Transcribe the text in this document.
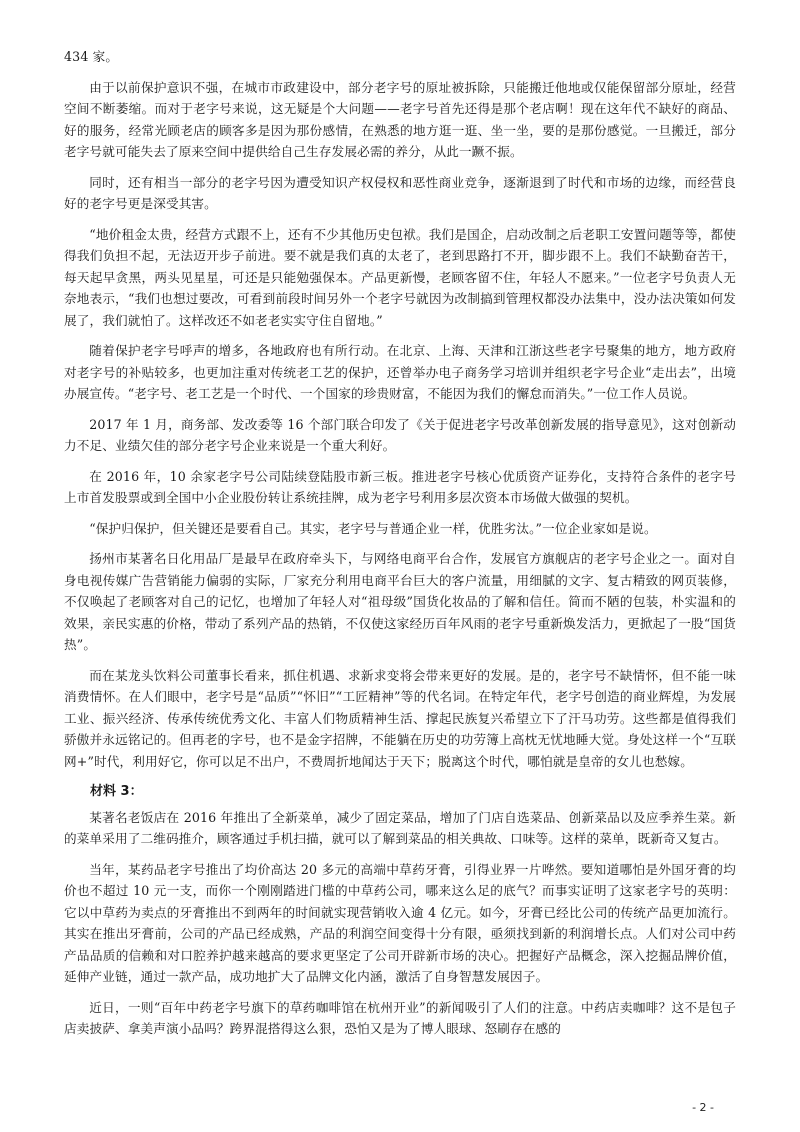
434 家。

由于以前保护意识不强，在城市市政建设中，部分老字号的原址被拆除，只能搬迁他地或仅能保留部分原址，经营空间不断萎缩。而对于老字号来说，这无疑是个大问题——老字号首先还得是那个老店啊！现在这年代不缺好的商品、好的服务，经常光顾老店的顾客多是因为那份感情，在熟悉的地方逛一逛、坐一坐，要的是那份感觉。一旦搬迁，部分老字号就可能失去了原来空间中提供给自己生存发展必需的养分，从此一蹶不振。

同时，还有相当一部分的老字号因为遭受知识产权侵权和恶性商业竞争，逐渐退到了时代和市场的边缘，而经营良好的老字号更是深受其害。

“地价租金太贵，经营方式跟不上，还有不少其他历史包袱。我们是国企，启动改制之后老职工安置问题等等，都使得我们负担不起，无法迈开步子前进。要不就是我们真的太老了，老到思路打不开，脚步跟不上。我们不缺勤奋苦干，每天起早贪黑，两头见星星，可还是只能勉强保本。产品更新慢，老顾客留不住，年轻人不愿来。”一位老字号负责人无奈地表示，“我们也想过要改，可看到前段时间另外一个老字号就因为改制搞到管理权都没办法集中，没办法决策如何发展了，我们就怕了。这样改还不如老老实实守住自留地。”

随着保护老字号呼声的增多，各地政府也有所行动。在北京、上海、天津和江浙这些老字号聚集的地方，地方政府对老字号的补贴较多，也更加注重对传统老工艺的保护，还曾举办电子商务学习培训并组织老字号企业“走出去”，出境办展宣传。“老字号、老工艺是一个时代、一个国家的珍贵财富，不能因为我们的懈怠而消失。”一位工作人员说。

2017 年 1 月，商务部、发改委等 16 个部门联合印发了《关于促进老字号改革创新发展的指导意见》，这对创新动力不足、业绩欠佳的部分老字号企业来说是一个重大利好。

在 2016 年，10 余家老字号公司陆续登陆股市新三板。推进老字号核心优质资产证券化，支持符合条件的老字号上市首发股票或到全国中小企业股份转让系统挂牌，成为老字号利用多层次资本市场做大做强的契机。

“保护归保护，但关键还是要看自己。其实，老字号与普通企业一样，优胜劣汰。”一位企业家如是说。

扬州市某著名日化用品厂是最早在政府牵头下，与网络电商平台合作，发展官方旗舰店的老字号企业之一。面对自身电视传媒广告营销能力偏弱的实际，厂家充分利用电商平台巨大的客户流量，用细腻的文字、复古精致的网页装修，不仅唤起了老顾客对自己的记忆，也增加了年轻人对“祖母级”国货化妆品的了解和信任。简而不陋的包装，朴实温和的效果，亲民实惠的价格，带动了系列产品的热销，不仅使这家经历百年风雨的老字号重新焕发活力，更掀起了一股“国货热”。

而在某龙头饮料公司董事长看来，抓住机遇、求新求变将会带来更好的发展。是的，老字号不缺情怀，但不能一味消费情怀。在人们眼中，老字号是“品质”“怀旧”“工匠精神”等的代名词。在特定年代，老字号创造的商业辉煌，为发展工业、振兴经济、传承传统优秀文化、丰富人们物质精神生活、撑起民族复兴希望立下了汗马功劳。这些都是值得我们骄傲并永远铭记的。但再老的字号，也不是金字招牌，不能躺在历史的功劳簿上高枕无忧地睡大觉。身处这样一个“互联网+”时代，利用好它，你可以足不出户，不费周折地闻达于天下；脱离这个时代，哪怕就是皇帝的女儿也愁嫁。

材料 3：

某著名老饭店在 2016 年推出了全新菜单，减少了固定菜品，增加了门店自选菜品、创新菜品以及应季养生菜。新的菜单采用了二维码推介，顾客通过手机扫描，就可以了解到菜品的相关典故、口味等。这样的菜单，既新奇又复古。

当年，某药品老字号推出了均价高达 20 多元的高端中草药牙膏，引得业界一片哗然。要知道哪怕是外国牙膏的均价也不超过 10 元一支，而你一个刚刚踏进门槛的中草药公司，哪来这么足的底气？而事实证明了这家老字号的英明：它以中草药为卖点的牙膏推出不到两年的时间就实现营销收入逾 4 亿元。如今，牙膏已经比公司的传统产品更加流行。其实在推出牙膏前，公司的产品已经成熟，产品的利润空间变得十分有限，亟须找到新的利润增长点。人们对公司中药产品品质的信赖和对口腔养护越来越高的要求更坚定了公司开辟新市场的决心。把握好产品概念，深入挖掘品牌价值，延伸产业链，通过一款产品，成功地扩大了品牌文化内涵，激活了自身智慧发展因子。

近日，一则“百年中药老字号旗下的草药咖啡馆在杭州开业”的新闻吸引了人们的注意。中药店卖咖啡？这不是包子店卖披萨、拿美声演小品吗？跨界混搭得这么狠，恐怕又是为了博人眼球、怒刷存在感的

- 2 -
